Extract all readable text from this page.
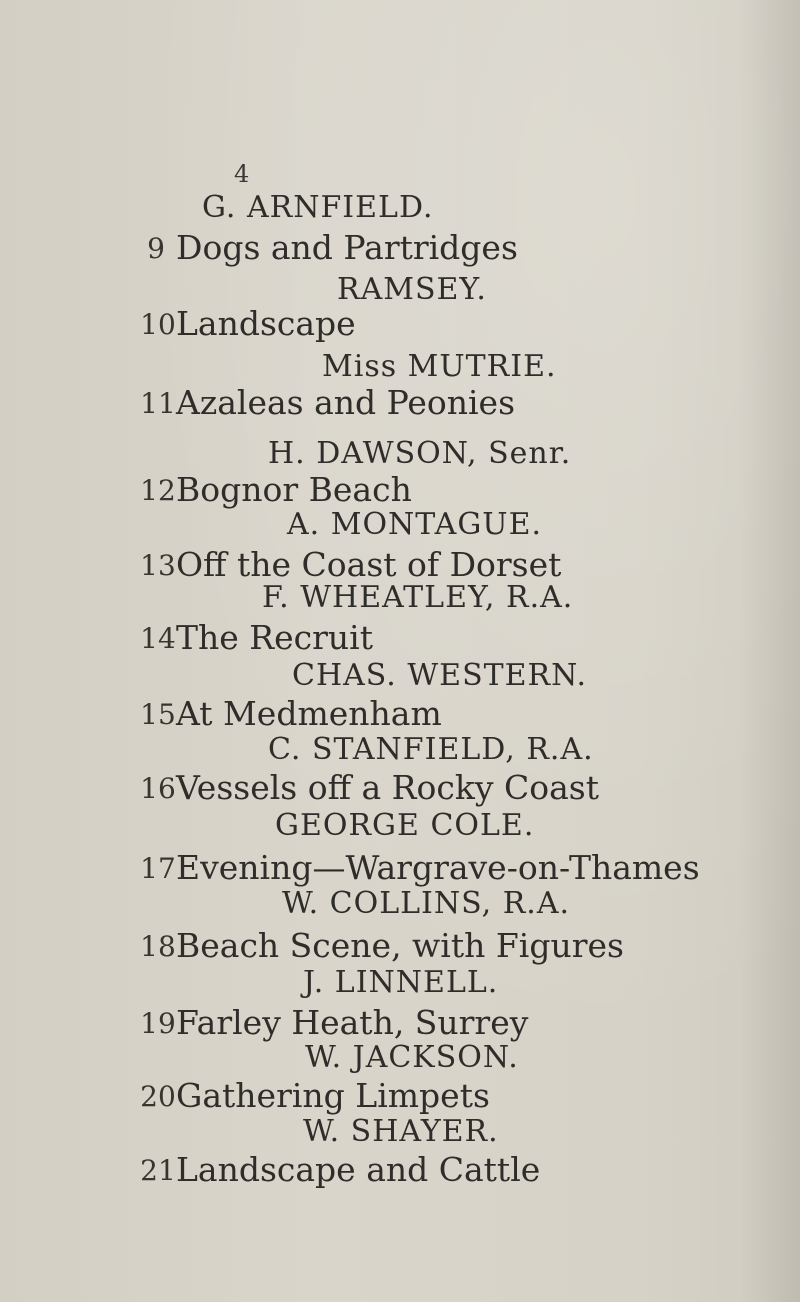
4
G. ARNFIELD.
9 Dogs and Partridges
RAMSEY.
10 Landscape
Miss MUTRIE.
11 Azaleas and Peonies
H. DAWSON, Senr.
12 Bognor Beach
A. MONTAGUE.
13 Off the Coast of Dorset
F. WHEATLEY, R.A.
14 The Recruit
CHAS. WESTERN.
15 At Medmenham
C. STANFIELD, R.A.
16 Vessels off a Rocky Coast
GEORGE COLE.
17 Evening—Wargrave-on-Thames
W. COLLINS, R.A.
18 Beach Scene, with Figures
J. LINNELL.
19 Farley Heath, Surrey
W. JACKSON.
20 Gathering Limpets
W. SHAYER.
21 Landscape and Cattle
